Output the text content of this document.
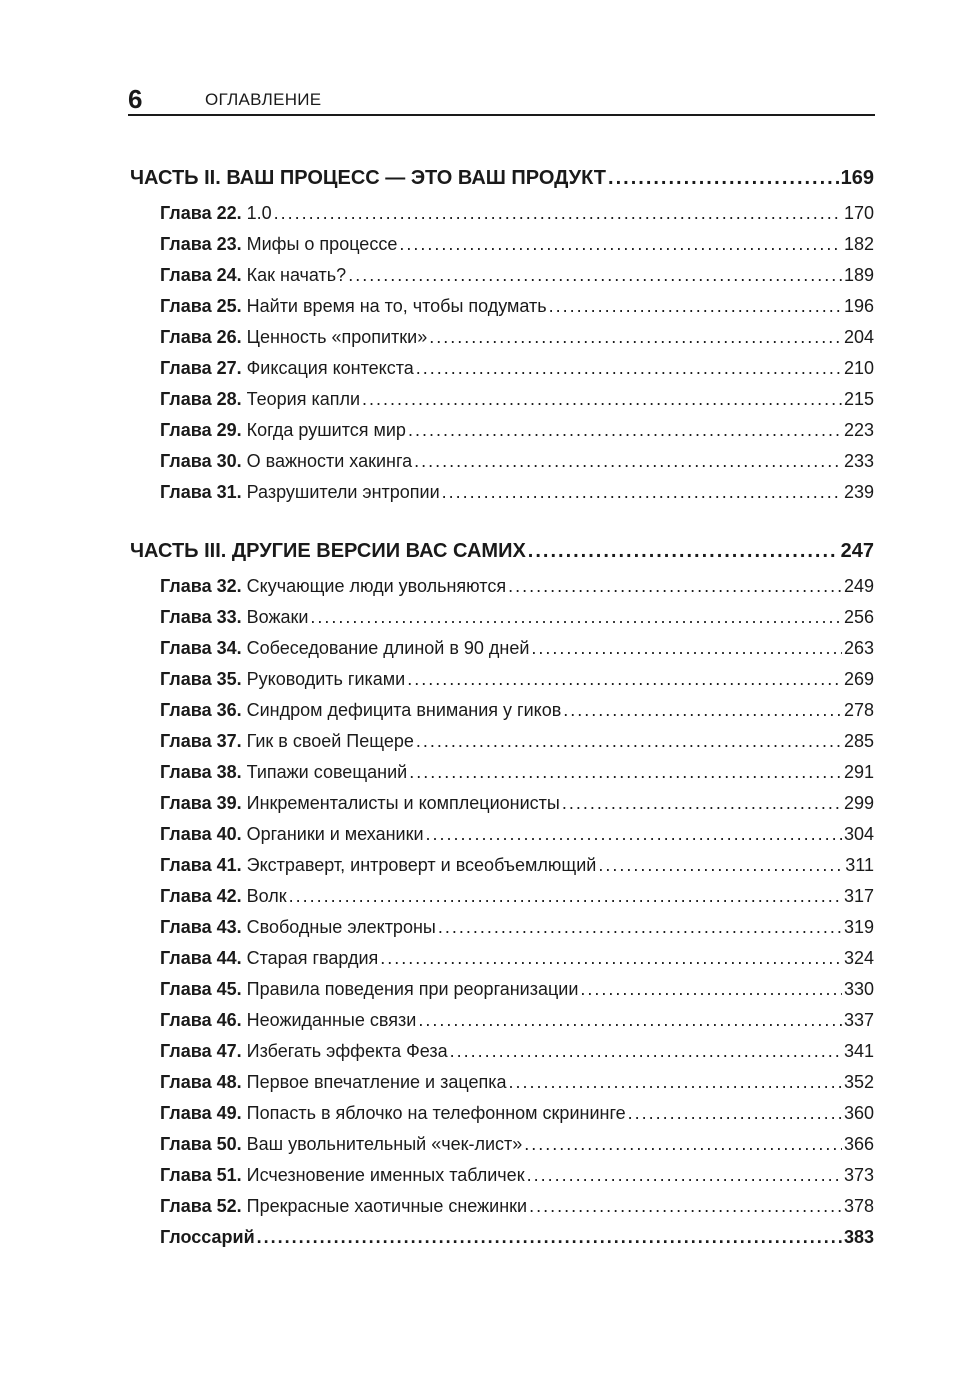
6	ОГЛАВЛЕНИЕ
ЧАСТЬ II. ВАШ ПРОЦЕСС — ЭТО ВАШ ПРОДУКТ .....	169
Глава 22. 1.0 .....	170
Глава 23. Мифы о процессе .....	182
Глава 24. Как начать? .....	189
Глава 25. Найти время на то, чтобы подумать .....	196
Глава 26. Ценность «пропитки» .....	204
Глава 27. Фиксация контекста .....	210
Глава 28. Теория капли .....	215
Глава 29. Когда рушится мир .....	223
Глава 30. О важности хакинга .....	233
Глава 31. Разрушители энтропии .....	239
ЧАСТЬ III. ДРУГИЕ ВЕРСИИ ВАС САМИХ .....	247
Глава 32. Скучающие люди увольняются .....	249
Глава 33. Вожаки .....	256
Глава 34. Собеседование длиной в 90 дней .....	263
Глава 35. Руководить гиками .....	269
Глава 36. Синдром дефицита внимания у гиков .....	278
Глава 37. Гик в своей Пещере .....	285
Глава 38. Типажи совещаний .....	291
Глава 39. Инкременталисты и комплеционисты .....	299
Глава 40. Органики и механики .....	304
Глава 41. Экстраверт, интроверт и всеобъемлющий .....	311
Глава 42. Волк .....	317
Глава 43. Свободные электроны .....	319
Глава 44. Старая гвардия .....	324
Глава 45. Правила поведения при реорганизации .....	330
Глава 46. Неожиданные связи .....	337
Глава 47. Избегать эффекта Феза .....	341
Глава 48. Первое впечатление и зацепка .....	352
Глава 49. Попасть в яблочко на телефонном скрининге .....	360
Глава 50. Ваш увольнительный «чек-лист» .....	366
Глава 51. Исчезновение именных табличек .....	373
Глава 52. Прекрасные хаотичные снежинки .....	378
Глоссарий .....	383
